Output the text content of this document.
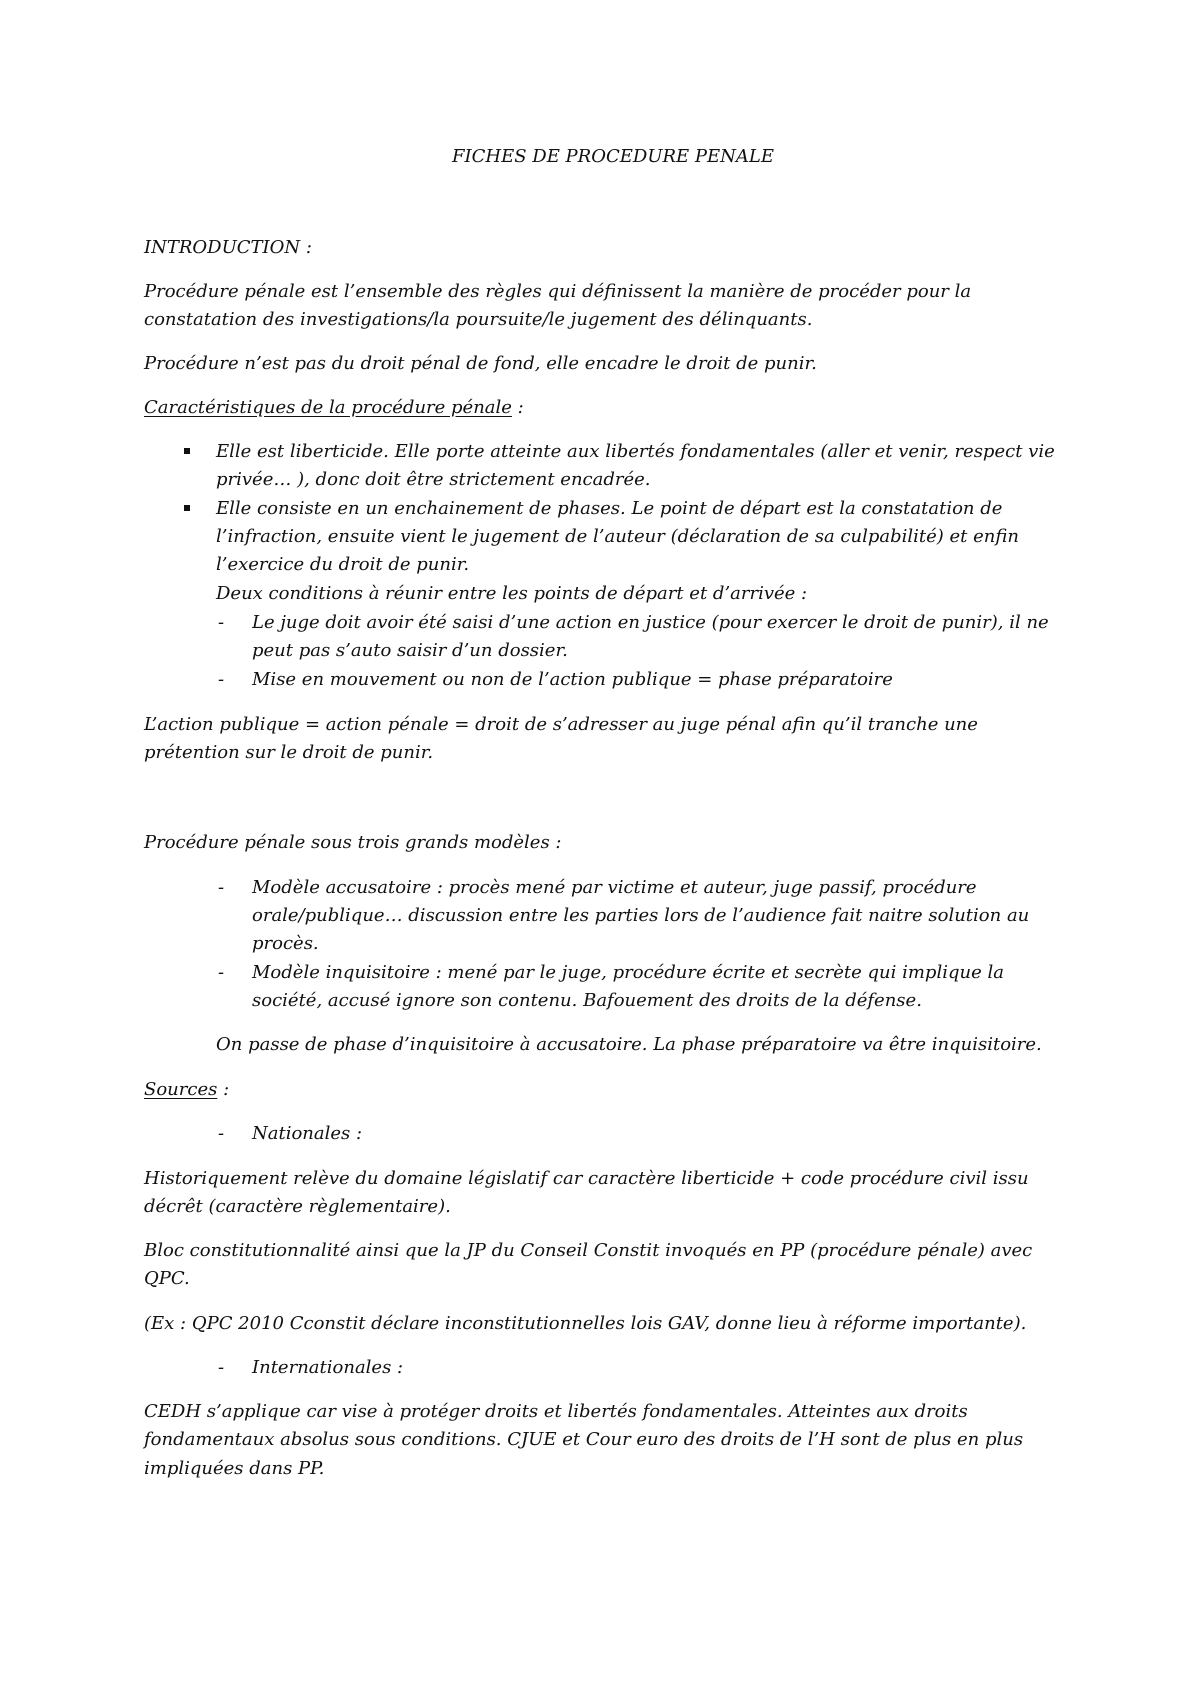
FICHES DE PROCEDURE PENALE
INTRODUCTION :
Procédure pénale est l’ensemble des règles qui définissent la manière de procéder pour la
constatation des investigations/la poursuite/le jugement des délinquants.
Procédure n’est pas du droit pénal de fond, elle encadre le droit de punir.
Caractéristiques de la procédure pénale :
Elle est liberticide. Elle porte atteinte aux libertés fondamentales (aller et venir, respect vie
privée… ), donc doit être strictement encadrée.
Elle consiste en un enchainement de phases. Le point de départ est la constatation de
l’infraction, ensuite vient le jugement de l’auteur (déclaration de sa culpabilité) et enfin
l’exercice du droit de punir.
Deux conditions à réunir entre les points de départ et d’arrivée :
- Le juge doit avoir été saisi d’une action en justice (pour exercer le droit de punir), il ne
peut pas s’auto saisir d’un dossier.
- Mise en mouvement ou non de l’action publique = phase préparatoire
L’action publique = action pénale = droit de s’adresser au juge pénal afin qu’il tranche une
prétention sur le droit de punir.
Procédure pénale sous trois grands modèles :
- Modèle accusatoire : procès mené par victime et auteur, juge passif, procédure
orale/publique… discussion entre les parties lors de l’audience fait naitre solution au
procès.
- Modèle inquisitoire : mené par le juge, procédure écrite et secrète qui implique la
société, accusé ignore son contenu. Bafouement des droits de la défense.
On passe de phase d’inquisitoire à accusatoire. La phase préparatoire va être inquisitoire.
Sources :
- Nationales :
Historiquement relève du domaine législatif car caractère liberticide + code procédure civil issu
décrêt (caractère règlementaire).
Bloc constitutionnalité ainsi que la JP du Conseil Constit invoqués en PP (procédure pénale) avec
QPC.
(Ex : QPC 2010 Cconstit déclare inconstitutionnelles lois GAV, donne lieu à réforme importante).
- Internationales :
CEDH s’applique car vise à protéger droits et libertés fondamentales. Atteintes aux droits
fondamentaux absolus sous conditions. CJUE et Cour euro des droits de l’H sont de plus en plus
impliquées dans PP.
